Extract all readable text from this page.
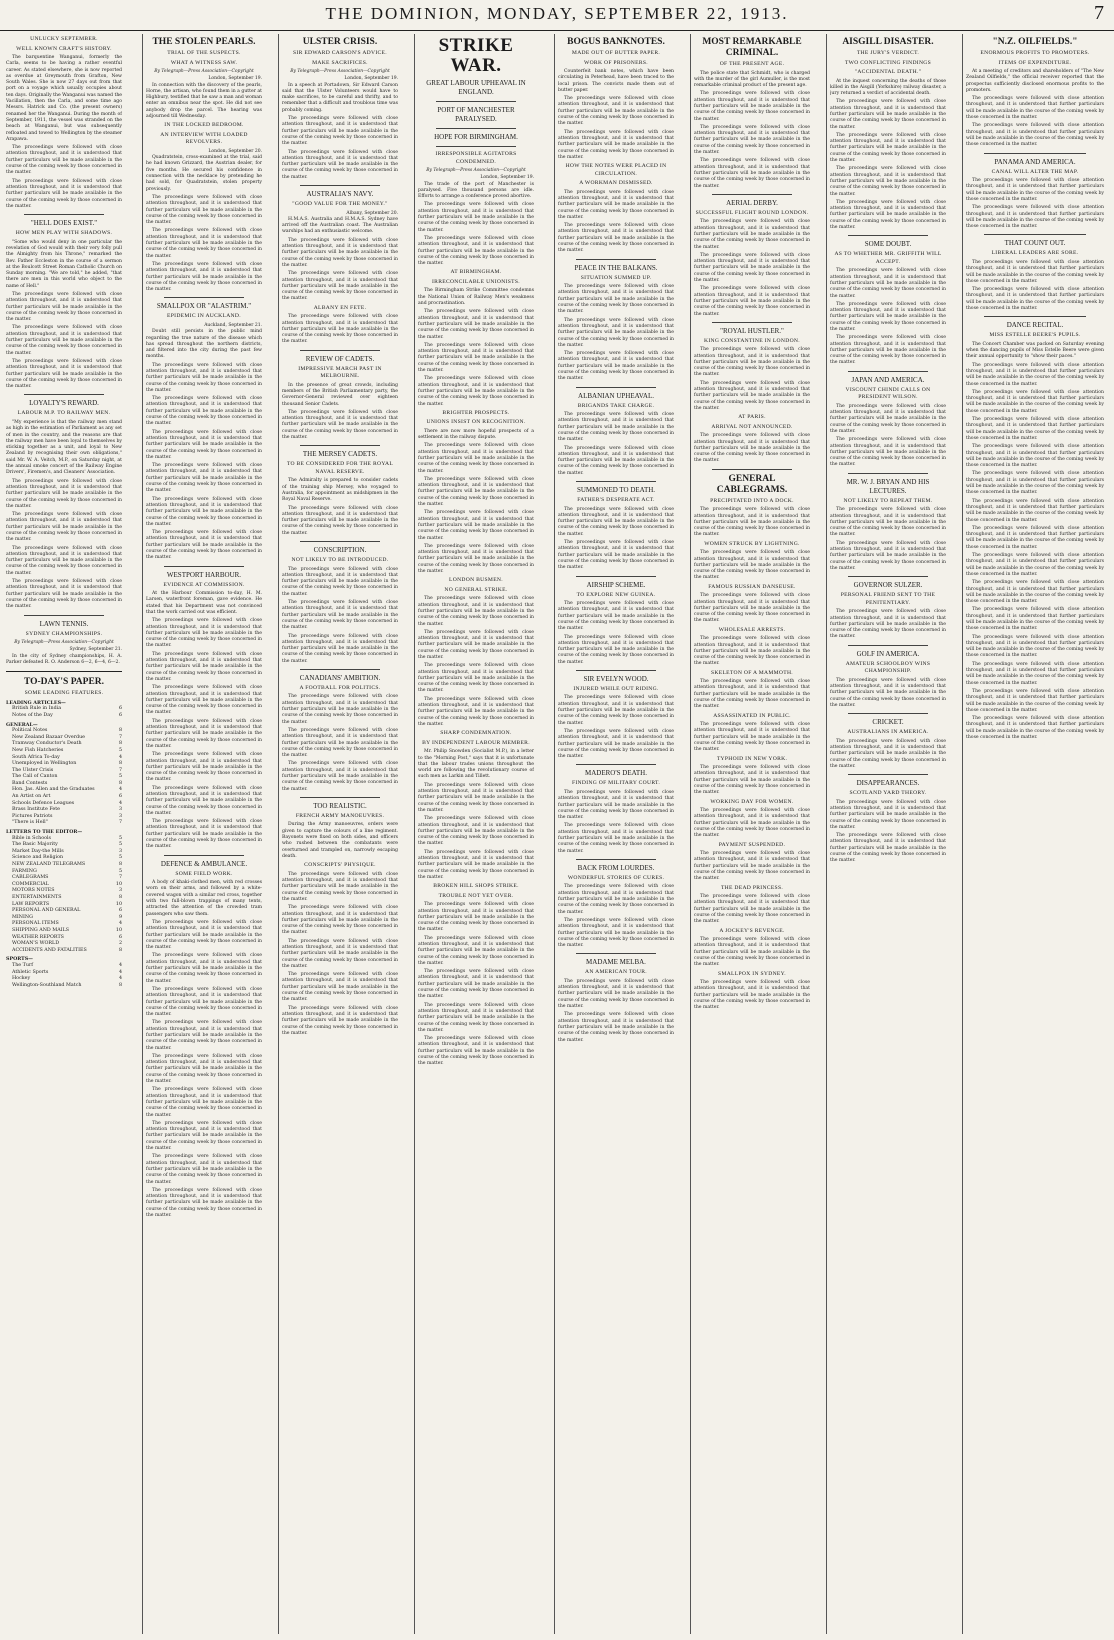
THE DOMINION, MONDAY, SEPTEMBER 22, 1913.	7
UNLUCKY SEPTEMBER.
WELL KNOWN CRAFT'S HISTORY.

The barquentine Wanganui, formerly the Carla, seems to be having a rather eventful career. As stated elsewhere, she is now reported as overdue at Greymouth from Grafton, New South Wales. She is now 27 days out from that port on a voyage which usually occupies about ten days. Originally the Wanganui was named the Vacillation, then the Carla, and some time ago Messrs. Hatrick and Co. (the present owners) renamed her the Wanganui. During the month of September, 1911, the vessel was stranded on the beach at Wanganui, but was subsequently refloated and towed to Wellington by the steamer Arapawa.

The proceedings were followed with close attention throughout, and it is understood that further particulars will be made available in the course of the coming week by those concerned in the matter.

The proceedings were followed with close attention throughout, and it is understood that further particulars will be made available in the course of the coming week by those concerned in the matter.

"HELL DOES EXIST."
HOW MEN PLAY WITH SHADOWS.

"Some who would deny in one particular the revelation of God would with their very folly pull the Almighty from his Throne," remarked the Rev. Father Eccleston in the course of a sermon at the Boulcott Street Roman Catholic Church on Sunday morning. "We are told," he added, "that there are men in this world who object to the name of Hell."

The proceedings were followed with close attention throughout, and it is understood that further particulars will be made available in the course of the coming week by those concerned in the matter.

The proceedings were followed with close attention throughout, and it is understood that further particulars will be made available in the course of the coming week by those concerned in the matter.

The proceedings were followed with close attention throughout, and it is understood that further particulars will be made available in the course of the coming week by those concerned in the matter.

LOYALTY'S REWARD.
LABOUR M.P. TO RAILWAY MEN.

"My experience is that the railway men stand as high in the estimation of Parliament as any set of men in the country, and the reasons are that the railway men have been loyal to themselves by sticking together as a unit, and loyal to New Zealand by recognising their own obligations," said Mr. W. A. Veitch, M.P., on Saturday night, at the annual smoke concert of the Railway Engine Drivers', Firemen's, and Cleaners' Association.

The proceedings were followed with close attention throughout, and it is understood that further particulars will be made available in the course of the coming week by those concerned in the matter.

The proceedings were followed with close attention throughout, and it is understood that further particulars will be made available in the course of the coming week by those concerned in the matter.

The proceedings were followed with close attention throughout, and it is understood that further particulars will be made available in the course of the coming week by those concerned in the matter.

The proceedings were followed with close attention throughout, and it is understood that further particulars will be made available in the course of the coming week by those concerned in the matter.

LAWN TENNIS.
SYDNEY CHAMPIONSHIPS.
By Telegraph—Press Association—Copyright
Sydney, September 21.

In the city of Sydney championships, H. A. Parker defeated R. O. Anderson 6—2, 6—4, 6—2.

TO-DAY'S PAPER.
SOME LEADING FEATURES.
LEADING ARTICLES—
British Rule in India	6
Notes of the Day	6
GENERAL—
Political Notes	8
New Zealand Bazaar Overdue	7
Tramway Conductor's Death	8
New Fish Hatcheries	5
South Africa To-day	4
Unemployed in Wellington	8
The Ulster Crisis	7
The Call of Canton	5
Band Contests	8
Hon. Jas. Allen and the Graduates	4
An Artist on Art	6
Schools Defence Leagues	4
Brass Institute Fete	3
Pictures Patriots	3
"There is Hell"	7
LETTERS TO THE EDITOR—
Bible in Schools	5
The Basic Majority	5
Market Day-the Mills	3
Science and Religion	5
NEW ZEALAND TELEGRAMS	8
FARMING	5
CABLEGRAMS	7
COMMERCIAL	10
MOTORS NOTES	3
ENTERTAINMENTS	8
LAW REPORTS	10
PERSONAL AND GENERAL	6
MINING	9
PERSONAL ITEMS	4
SHIPPING AND MAILS	10
WEATHER REPORTS	6
WOMAN'S WORLD	2
ACCIDENTS AND FATALITIES	8
SPORTS—
The Turf	4
Athletic Sports	4
Hockey	4
Wellington-Southland Match	8
THE STOLEN PEARLS.
TRIAL OF THE SUSPECTS.
WHAT A WITNESS SAW.
By Telegraph—Press Association—Copyright
London, September 19.

In connection with the discovery of the pearls, Horne, the artisan, who found them in a gutter at Highbury, testified that he saw a man and woman enter an omnibus near the spot. He did not see anybody drop the parcel. The hearing was adjourned till Wednesday.

IN THE LOCKED BEDROOM.
AN INTERVIEW WITH LOADED REVOLVERS.
London, September 20.

Quadratstein, cross-examined at the trial, said he had known Grizzard, the Austrian dealer, for five months. He secured his confidence in connection with the necklace by pretending he had sold, for Quadratstein, stolen property previously.

The proceedings were followed with close attention throughout, and it is understood that further particulars will be made available in the course of the coming week by those concerned in the matter.

The proceedings were followed with close attention throughout, and it is understood that further particulars will be made available in the course of the coming week by those concerned in the matter.

The proceedings were followed with close attention throughout, and it is understood that further particulars will be made available in the course of the coming week by those concerned in the matter.

SMALLPOX OR "ALASTRIM."
EPIDEMIC IN AUCKLAND.
Auckland, September 21.

Doubt still persists in the public mind regarding the true nature of the disease which has spread throughout the northern districts, and filtered into the city during the past few months.

The proceedings were followed with close attention throughout, and it is understood that further particulars will be made available in the course of the coming week by those concerned in the matter.

The proceedings were followed with close attention throughout, and it is understood that further particulars will be made available in the course of the coming week by those concerned in the matter.

The proceedings were followed with close attention throughout, and it is understood that further particulars will be made available in the course of the coming week by those concerned in the matter.

The proceedings were followed with close attention throughout, and it is understood that further particulars will be made available in the course of the coming week by those concerned in the matter.

The proceedings were followed with close attention throughout, and it is understood that further particulars will be made available in the course of the coming week by those concerned in the matter.

The proceedings were followed with close attention throughout, and it is understood that further particulars will be made available in the course of the coming week by those concerned in the matter.

WESTPORT HARBOUR.
EVIDENCE AT COMMISSION.

At the Harbour Commission to-day, H. M. Larsen, waterfront foreman, gave evidence. He stated that his Department was not convinced that the work carried out was efficient.

The proceedings were followed with close attention throughout, and it is understood that further particulars will be made available in the course of the coming week by those concerned in the matter.

The proceedings were followed with close attention throughout, and it is understood that further particulars will be made available in the course of the coming week by those concerned in the matter.

The proceedings were followed with close attention throughout, and it is understood that further particulars will be made available in the course of the coming week by those concerned in the matter.

The proceedings were followed with close attention throughout, and it is understood that further particulars will be made available in the course of the coming week by those concerned in the matter.

The proceedings were followed with close attention throughout, and it is understood that further particulars will be made available in the course of the coming week by those concerned in the matter.

The proceedings were followed with close attention throughout, and it is understood that further particulars will be made available in the course of the coming week by those concerned in the matter.

The proceedings were followed with close attention throughout, and it is understood that further particulars will be made available in the course of the coming week by those concerned in the matter.

DEFENCE & AMBULANCE.
SOME FIELD WORK.

A body of khaki-clothed men, with red crosses worn on their arms, and followed by a white-covered wagon with a similar red cross, together with two full-blown trappings of many tents, attracted the attention of the crowded tram passengers who saw them.

The proceedings were followed with close attention throughout, and it is understood that further particulars will be made available in the course of the coming week by those concerned in the matter.

The proceedings were followed with close attention throughout, and it is understood that further particulars will be made available in the course of the coming week by those concerned in the matter.

The proceedings were followed with close attention throughout, and it is understood that further particulars will be made available in the course of the coming week by those concerned in the matter.

The proceedings were followed with close attention throughout, and it is understood that further particulars will be made available in the course of the coming week by those concerned in the matter.

The proceedings were followed with close attention throughout, and it is understood that further particulars will be made available in the course of the coming week by those concerned in the matter.

The proceedings were followed with close attention throughout, and it is understood that further particulars will be made available in the course of the coming week by those concerned in the matter.

The proceedings were followed with close attention throughout, and it is understood that further particulars will be made available in the course of the coming week by those concerned in the matter.

The proceedings were followed with close attention throughout, and it is understood that further particulars will be made available in the course of the coming week by those concerned in the matter.

The proceedings were followed with close attention throughout, and it is understood that further particulars will be made available in the course of the coming week by those concerned in the matter.

ULSTER CRISIS.
SIR EDWARD CARSON'S ADVICE.
MAKE SACRIFICES.
By Telegraph—Press Association—Copyright
London, September 19.

In a speech at Portadown, Sir Edward Carson said that the Ulster Volunteers would have to make sacrifices, to be careful and thrifty, and to remember that a difficult and troublous time was probably coming.

The proceedings were followed with close attention throughout, and it is understood that further particulars will be made available in the course of the coming week by those concerned in the matter.

The proceedings were followed with close attention throughout, and it is understood that further particulars will be made available in the course of the coming week by those concerned in the matter.

AUSTRALIA'S NAVY.
"GOOD VALUE FOR THE MONEY."
Albany, September 20.

H.M.A.S. Australia and H.M.A.S. Sydney have arrived off the Australian coast. The Australian warships had an enthusiastic welcome.

The proceedings were followed with close attention throughout, and it is understood that further particulars will be made available in the course of the coming week by those concerned in the matter.

The proceedings were followed with close attention throughout, and it is understood that further particulars will be made available in the course of the coming week by those concerned in the matter.

ALBANY EN FETE.

The proceedings were followed with close attention throughout, and it is understood that further particulars will be made available in the course of the coming week by those concerned in the matter.

REVIEW OF CADETS.
IMPRESSIVE MARCH PAST IN MELBOURNE.

In the presence of great crowds, including members of the British Parliamentary party, the Governor-General reviewed over eighteen thousand Senior Cadets.

The proceedings were followed with close attention throughout, and it is understood that further particulars will be made available in the course of the coming week by those concerned in the matter.

THE MERSEY CADETS.
TO BE CONSIDERED FOR THE ROYAL NAVAL RESERVE.

The Admiralty is prepared to consider cadets of the training ship Mersey, who voyaged to Australia, for appointment as midshipmen in the Royal Naval Reserve.

The proceedings were followed with close attention throughout, and it is understood that further particulars will be made available in the course of the coming week by those concerned in the matter.

CONSCRIPTION.
NOT LIKELY TO BE INTRODUCED.

The proceedings were followed with close attention throughout, and it is understood that further particulars will be made available in the course of the coming week by those concerned in the matter.

The proceedings were followed with close attention throughout, and it is understood that further particulars will be made available in the course of the coming week by those concerned in the matter.

The proceedings were followed with close attention throughout, and it is understood that further particulars will be made available in the course of the coming week by those concerned in the matter.

CANADIANS' AMBITION.
A FOOTBALL FOR POLITICS.

The proceedings were followed with close attention throughout, and it is understood that further particulars will be made available in the course of the coming week by those concerned in the matter.

The proceedings were followed with close attention throughout, and it is understood that further particulars will be made available in the course of the coming week by those concerned in the matter.

The proceedings were followed with close attention throughout, and it is understood that further particulars will be made available in the course of the coming week by those concerned in the matter.

TOO REALISTIC.
FRENCH ARMY MANOEUVRES.

During the Army manoeuvres, orders were given to capture the colours of a line regiment. Bayonets were fixed on both sides, and officers who rushed between the combatants were overturned and trampled on, narrowly escaping death.

CONSCRIPTS' PHYSIQUE.

The proceedings were followed with close attention throughout, and it is understood that further particulars will be made available in the course of the coming week by those concerned in the matter.

The proceedings were followed with close attention throughout, and it is understood that further particulars will be made available in the course of the coming week by those concerned in the matter.

The proceedings were followed with close attention throughout, and it is understood that further particulars will be made available in the course of the coming week by those concerned in the matter.

The proceedings were followed with close attention throughout, and it is understood that further particulars will be made available in the course of the coming week by those concerned in the matter.

The proceedings were followed with close attention throughout, and it is understood that further particulars will be made available in the course of the coming week by those concerned in the matter.

STRIKE WAR.
GREAT LABOUR UPHEAVAL IN ENGLAND.
PORT OF MANCHESTER PARALYSED.
HOPE FOR BIRMINGHAM.
IRRESPONSIBLE AGITATORS CONDEMNED.
By Telegraph—Press Association—Copyright
London, September 19.

The trade of the port of Manchester is paralysed. Five thousand persons are idle. Efforts to arrange a conference proved abortive.

The proceedings were followed with close attention throughout, and it is understood that further particulars will be made available in the course of the coming week by those concerned in the matter.

The proceedings were followed with close attention throughout, and it is understood that further particulars will be made available in the course of the coming week by those concerned in the matter.

AT BIRMINGHAM.
IRRECONCILABLE UNIONISTS.

The Birmingham Strike Committee condemns the National Union of Railway Men's weakness and procrastination.

The proceedings were followed with close attention throughout, and it is understood that further particulars will be made available in the course of the coming week by those concerned in the matter.

The proceedings were followed with close attention throughout, and it is understood that further particulars will be made available in the course of the coming week by those concerned in the matter.

The proceedings were followed with close attention throughout, and it is understood that further particulars will be made available in the course of the coming week by those concerned in the matter.

BRIGHTER PROSPECTS.
UNIONS INSIST ON RECOGNITION.

There are now more hopeful prospects of a settlement in the railway dispute.

The proceedings were followed with close attention throughout, and it is understood that further particulars will be made available in the course of the coming week by those concerned in the matter.

The proceedings were followed with close attention throughout, and it is understood that further particulars will be made available in the course of the coming week by those concerned in the matter.

The proceedings were followed with close attention throughout, and it is understood that further particulars will be made available in the course of the coming week by those concerned in the matter.

The proceedings were followed with close attention throughout, and it is understood that further particulars will be made available in the course of the coming week by those concerned in the matter.

LONDON BUSMEN.
NO GENERAL STRIKE.

The proceedings were followed with close attention throughout, and it is understood that further particulars will be made available in the course of the coming week by those concerned in the matter.

The proceedings were followed with close attention throughout, and it is understood that further particulars will be made available in the course of the coming week by those concerned in the matter.

The proceedings were followed with close attention throughout, and it is understood that further particulars will be made available in the course of the coming week by those concerned in the matter.

The proceedings were followed with close attention throughout, and it is understood that further particulars will be made available in the course of the coming week by those concerned in the matter.

SHARP CONDEMNATION.
BY INDEPENDENT LABOUR MEMBER.

Mr. Philip Snowden (Socialist M.P.), in a letter to the "Morning Post," says that it is unfortunate that the labour trades unions throughout the world are following the revolutionary course of such men as Larkin and Tillett.

The proceedings were followed with close attention throughout, and it is understood that further particulars will be made available in the course of the coming week by those concerned in the matter.

The proceedings were followed with close attention throughout, and it is understood that further particulars will be made available in the course of the coming week by those concerned in the matter.

The proceedings were followed with close attention throughout, and it is understood that further particulars will be made available in the course of the coming week by those concerned in the matter.

BROKEN HILL SHOPS STRIKE.
TROUBLE NOT YET OVER.

The proceedings were followed with close attention throughout, and it is understood that further particulars will be made available in the course of the coming week by those concerned in the matter.

The proceedings were followed with close attention throughout, and it is understood that further particulars will be made available in the course of the coming week by those concerned in the matter.

The proceedings were followed with close attention throughout, and it is understood that further particulars will be made available in the course of the coming week by those concerned in the matter.

The proceedings were followed with close attention throughout, and it is understood that further particulars will be made available in the course of the coming week by those concerned in the matter.

The proceedings were followed with close attention throughout, and it is understood that further particulars will be made available in the course of the coming week by those concerned in the matter.

BOGUS BANKNOTES.
MADE OUT OF BUTTER PAPER.
WORK OF PRISONERS.

Counterfeit bank notes, which have been circulating in Peterhead, have been traced to the local prison. The convicts made them out of butter paper.

The proceedings were followed with close attention throughout, and it is understood that further particulars will be made available in the course of the coming week by those concerned in the matter.

The proceedings were followed with close attention throughout, and it is understood that further particulars will be made available in the course of the coming week by those concerned in the matter.

HOW THE NOTES WERE PLACED IN CIRCULATION.
A WORKMAN DISMISSED.

The proceedings were followed with close attention throughout, and it is understood that further particulars will be made available in the course of the coming week by those concerned in the matter.

The proceedings were followed with close attention throughout, and it is understood that further particulars will be made available in the course of the coming week by those concerned in the matter.

PEACE IN THE BALKANS.
SITUATION SUMMED UP.

The proceedings were followed with close attention throughout, and it is understood that further particulars will be made available in the course of the coming week by those concerned in the matter.

The proceedings were followed with close attention throughout, and it is understood that further particulars will be made available in the course of the coming week by those concerned in the matter.

The proceedings were followed with close attention throughout, and it is understood that further particulars will be made available in the course of the coming week by those concerned in the matter.

ALBANIAN UPHEAVAL.
BRIGANDS TAKE CHARGE.

The proceedings were followed with close attention throughout, and it is understood that further particulars will be made available in the course of the coming week by those concerned in the matter.

The proceedings were followed with close attention throughout, and it is understood that further particulars will be made available in the course of the coming week by those concerned in the matter.

SUMMONED TO DEATH.
FATHER'S DESPERATE ACT.

The proceedings were followed with close attention throughout, and it is understood that further particulars will be made available in the course of the coming week by those concerned in the matter.

The proceedings were followed with close attention throughout, and it is understood that further particulars will be made available in the course of the coming week by those concerned in the matter.

AIRSHIP SCHEME.
TO EXPLORE NEW GUINEA.

The proceedings were followed with close attention throughout, and it is understood that further particulars will be made available in the course of the coming week by those concerned in the matter.

The proceedings were followed with close attention throughout, and it is understood that further particulars will be made available in the course of the coming week by those concerned in the matter.

SIR EVELYN WOOD.
INJURED WHILE OUT RIDING.

The proceedings were followed with close attention throughout, and it is understood that further particulars will be made available in the course of the coming week by those concerned in the matter.

The proceedings were followed with close attention throughout, and it is understood that further particulars will be made available in the course of the coming week by those concerned in the matter.

MADERO'S DEATH.
FINDING OF MILITARY COURT.

The proceedings were followed with close attention throughout, and it is understood that further particulars will be made available in the course of the coming week by those concerned in the matter.

The proceedings were followed with close attention throughout, and it is understood that further particulars will be made available in the course of the coming week by those concerned in the matter.

BACK FROM LOURDES.
WONDERFUL STORIES OF CURES.

The proceedings were followed with close attention throughout, and it is understood that further particulars will be made available in the course of the coming week by those concerned in the matter.

The proceedings were followed with close attention throughout, and it is understood that further particulars will be made available in the course of the coming week by those concerned in the matter.

MADAME MELBA.
AN AMERICAN TOUR.

The proceedings were followed with close attention throughout, and it is understood that further particulars will be made available in the course of the coming week by those concerned in the matter.

The proceedings were followed with close attention throughout, and it is understood that further particulars will be made available in the course of the coming week by those concerned in the matter.

MOST REMARKABLE CRIMINAL.
OF THE PRESENT AGE.

The police state that Schmidt, who is charged with the murder of the girl Aumuller, is the most remarkable criminal product of the present age.

The proceedings were followed with close attention throughout, and it is understood that further particulars will be made available in the course of the coming week by those concerned in the matter.

The proceedings were followed with close attention throughout, and it is understood that further particulars will be made available in the course of the coming week by those concerned in the matter.

The proceedings were followed with close attention throughout, and it is understood that further particulars will be made available in the course of the coming week by those concerned in the matter.

AERIAL DERBY.
SUCCESSFUL FLIGHT ROUND LONDON.

The proceedings were followed with close attention throughout, and it is understood that further particulars will be made available in the course of the coming week by those concerned in the matter.

The proceedings were followed with close attention throughout, and it is understood that further particulars will be made available in the course of the coming week by those concerned in the matter.

The proceedings were followed with close attention throughout, and it is understood that further particulars will be made available in the course of the coming week by those concerned in the matter.

"ROYAL HUSTLER."
KING CONSTANTINE IN LONDON.

The proceedings were followed with close attention throughout, and it is understood that further particulars will be made available in the course of the coming week by those concerned in the matter.

The proceedings were followed with close attention throughout, and it is understood that further particulars will be made available in the course of the coming week by those concerned in the matter.

AT PARIS.
ARRIVAL NOT ANNOUNCED.

The proceedings were followed with close attention throughout, and it is understood that further particulars will be made available in the course of the coming week by those concerned in the matter.

GENERAL CABLEGRAMS.
PRECIPITATED INTO A DOCK.

The proceedings were followed with close attention throughout, and it is understood that further particulars will be made available in the course of the coming week by those concerned in the matter.

WOMEN STRUCK BY LIGHTNING.

The proceedings were followed with close attention throughout, and it is understood that further particulars will be made available in the course of the coming week by those concerned in the matter.

FAMOUS RUSSIAN DANSEUSE.

The proceedings were followed with close attention throughout, and it is understood that further particulars will be made available in the course of the coming week by those concerned in the matter.

WHOLESALE ARRESTS.

The proceedings were followed with close attention throughout, and it is understood that further particulars will be made available in the course of the coming week by those concerned in the matter.

SKELETON OF A MAMMOTH.

The proceedings were followed with close attention throughout, and it is understood that further particulars will be made available in the course of the coming week by those concerned in the matter.

ASSASSINATED IN PUBLIC.

The proceedings were followed with close attention throughout, and it is understood that further particulars will be made available in the course of the coming week by those concerned in the matter.

TYPHOID IN NEW YORK.

The proceedings were followed with close attention throughout, and it is understood that further particulars will be made available in the course of the coming week by those concerned in the matter.

WORKING DAY FOR WOMEN.

The proceedings were followed with close attention throughout, and it is understood that further particulars will be made available in the course of the coming week by those concerned in the matter.

PAYMENT SUSPENDED.

The proceedings were followed with close attention throughout, and it is understood that further particulars will be made available in the course of the coming week by those concerned in the matter.

THE DEAD PRINCESS.

The proceedings were followed with close attention throughout, and it is understood that further particulars will be made available in the course of the coming week by those concerned in the matter.

A JOCKEY'S REVENGE.

The proceedings were followed with close attention throughout, and it is understood that further particulars will be made available in the course of the coming week by those concerned in the matter.

SMALLPOX IN SYDNEY.

The proceedings were followed with close attention throughout, and it is understood that further particulars will be made available in the course of the coming week by those concerned in the matter.

AISGILL DISASTER.
THE JURY'S VERDICT.
TWO CONFLICTING FINDINGS
"ACCIDENTAL DEATH."

At the inquest concerning the deaths of those killed in the Aisgill (Yorkshire) railway disaster, a jury returned a verdict of accidental death.

The proceedings were followed with close attention throughout, and it is understood that further particulars will be made available in the course of the coming week by those concerned in the matter.

The proceedings were followed with close attention throughout, and it is understood that further particulars will be made available in the course of the coming week by those concerned in the matter.

The proceedings were followed with close attention throughout, and it is understood that further particulars will be made available in the course of the coming week by those concerned in the matter.

The proceedings were followed with close attention throughout, and it is understood that further particulars will be made available in the course of the coming week by those concerned in the matter.

SOME DOUBT.
AS TO WHETHER MR. GRIFFITH WILL ACCEPT.

The proceedings were followed with close attention throughout, and it is understood that further particulars will be made available in the course of the coming week by those concerned in the matter.

The proceedings were followed with close attention throughout, and it is understood that further particulars will be made available in the course of the coming week by those concerned in the matter.

The proceedings were followed with close attention throughout, and it is understood that further particulars will be made available in the course of the coming week by those concerned in the matter.

JAPAN AND AMERICA.
VISCOUNT CHINDI CALLS ON PRESIDENT WILSON.

The proceedings were followed with close attention throughout, and it is understood that further particulars will be made available in the course of the coming week by those concerned in the matter.

The proceedings were followed with close attention throughout, and it is understood that further particulars will be made available in the course of the coming week by those concerned in the matter.

MR. W. J. BRYAN AND HIS LECTURES.
NOT LIKELY TO REPEAT THEM.

The proceedings were followed with close attention throughout, and it is understood that further particulars will be made available in the course of the coming week by those concerned in the matter.

The proceedings were followed with close attention throughout, and it is understood that further particulars will be made available in the course of the coming week by those concerned in the matter.

GOVERNOR SULZER.
PERSONAL FRIEND SENT TO THE PENITENTIARY.

The proceedings were followed with close attention throughout, and it is understood that further particulars will be made available in the course of the coming week by those concerned in the matter.

GOLF IN AMERICA.
AMATEUR SCHOOLBOY WINS CHAMPIONSHIP.

The proceedings were followed with close attention throughout, and it is understood that further particulars will be made available in the course of the coming week by those concerned in the matter.

CRICKET.
AUSTRALIANS IN AMERICA.

The proceedings were followed with close attention throughout, and it is understood that further particulars will be made available in the course of the coming week by those concerned in the matter.

DISAPPEARANCES.
SCOTLAND YARD THEORY.

The proceedings were followed with close attention throughout, and it is understood that further particulars will be made available in the course of the coming week by those concerned in the matter.

The proceedings were followed with close attention throughout, and it is understood that further particulars will be made available in the course of the coming week by those concerned in the matter.

"N.Z. OILFIELDS."
ENORMOUS PROFITS TO PROMOTERS.
ITEMS OF EXPENDITURE.

At a meeting of creditors and shareholders of "The New Zealand Oilfields," the official receiver reported that the prospectus sufficiently disclosed enormous profits to the promoters.

The proceedings were followed with close attention throughout, and it is understood that further particulars will be made available in the course of the coming week by those concerned in the matter.

The proceedings were followed with close attention throughout, and it is understood that further particulars will be made available in the course of the coming week by those concerned in the matter.

PANAMA AND AMERICA.
CANAL WILL ALTER THE MAP.

The proceedings were followed with close attention throughout, and it is understood that further particulars will be made available in the course of the coming week by those concerned in the matter.

The proceedings were followed with close attention throughout, and it is understood that further particulars will be made available in the course of the coming week by those concerned in the matter.

THAT COUNT OUT.
LIBERAL LEADERS ARE SORE.

The proceedings were followed with close attention throughout, and it is understood that further particulars will be made available in the course of the coming week by those concerned in the matter.

The proceedings were followed with close attention throughout, and it is understood that further particulars will be made available in the course of the coming week by those concerned in the matter.

DANCE RECITAL.
MISS ESTELLE BEERE'S PUPILS.

The Concert Chamber was packed on Saturday evening when the dancing pupils of Miss Estelle Beere were given their annual opportunity to "show their paces."

The proceedings were followed with close attention throughout, and it is understood that further particulars will be made available in the course of the coming week by those concerned in the matter.

The proceedings were followed with close attention throughout, and it is understood that further particulars will be made available in the course of the coming week by those concerned in the matter.

The proceedings were followed with close attention throughout, and it is understood that further particulars will be made available in the course of the coming week by those concerned in the matter.

The proceedings were followed with close attention throughout, and it is understood that further particulars will be made available in the course of the coming week by those concerned in the matter.

The proceedings were followed with close attention throughout, and it is understood that further particulars will be made available in the course of the coming week by those concerned in the matter.

The proceedings were followed with close attention throughout, and it is understood that further particulars will be made available in the course of the coming week by those concerned in the matter.

The proceedings were followed with close attention throughout, and it is understood that further particulars will be made available in the course of the coming week by those concerned in the matter.

The proceedings were followed with close attention throughout, and it is understood that further particulars will be made available in the course of the coming week by those concerned in the matter.

The proceedings were followed with close attention throughout, and it is understood that further particulars will be made available in the course of the coming week by those concerned in the matter.

The proceedings were followed with close attention throughout, and it is understood that further particulars will be made available in the course of the coming week by those concerned in the matter.

The proceedings were followed with close attention throughout, and it is understood that further particulars will be made available in the course of the coming week by those concerned in the matter.

The proceedings were followed with close attention throughout, and it is understood that further particulars will be made available in the course of the coming week by those concerned in the matter.

The proceedings were followed with close attention throughout, and it is understood that further particulars will be made available in the course of the coming week by those concerned in the matter.

The proceedings were followed with close attention throughout, and it is understood that further particulars will be made available in the course of the coming week by those concerned in the matter.
